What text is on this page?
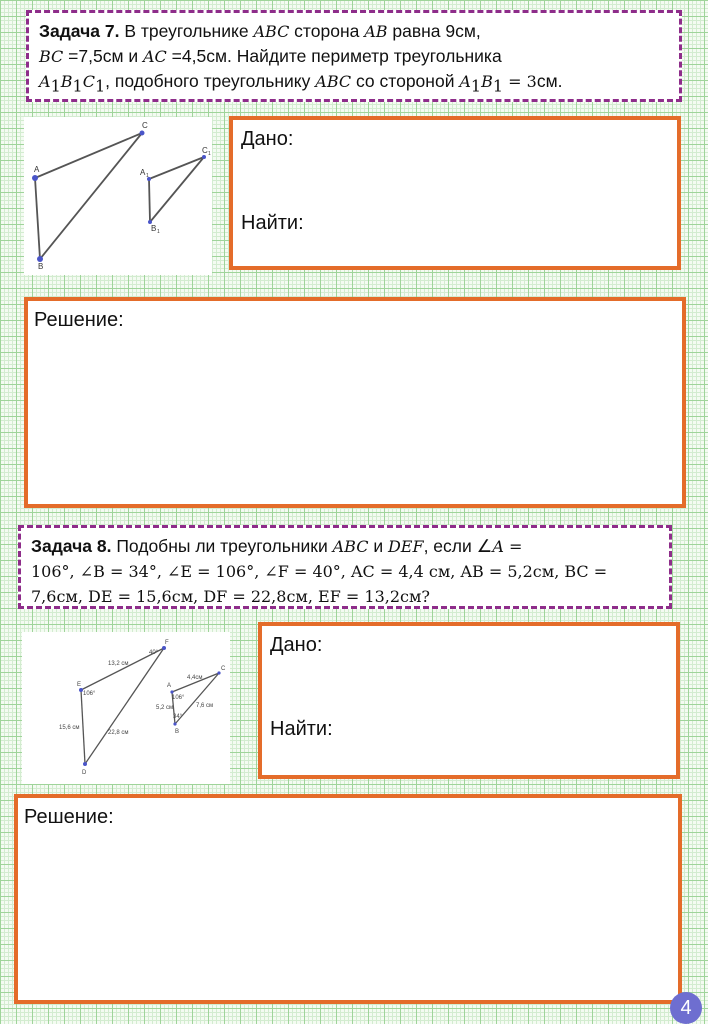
Задача 7. В треугольнике ABC сторона AB равна 9см,
BC =7,5см и AC =4,5см. Найдите периметр треугольника
$A_1B_1C_1$, подобного треугольнику ABC со стороной $A_1B_1 = 3см$.
A
B
C
A 1
B 1
C 1
Дано:
Найти:
Решение:
Задача 8. Подобны ли треугольники ABC и DEF, если ∠A =
106°, ∠B = 34°, ∠E = 106°, ∠F = 40°, AC = 4,4 см, AB = 5,2см, BC =
7,6см, DE = 15,6см, DF = 22,8см, EF = 13,2см?
E
F
D
A
B
C
13,2 см
15,6 см
22,8 см
106°
40°
4,4см
5,2 см	7,6 см
106°
34°
Дано:
Найти:
Решение:
4
